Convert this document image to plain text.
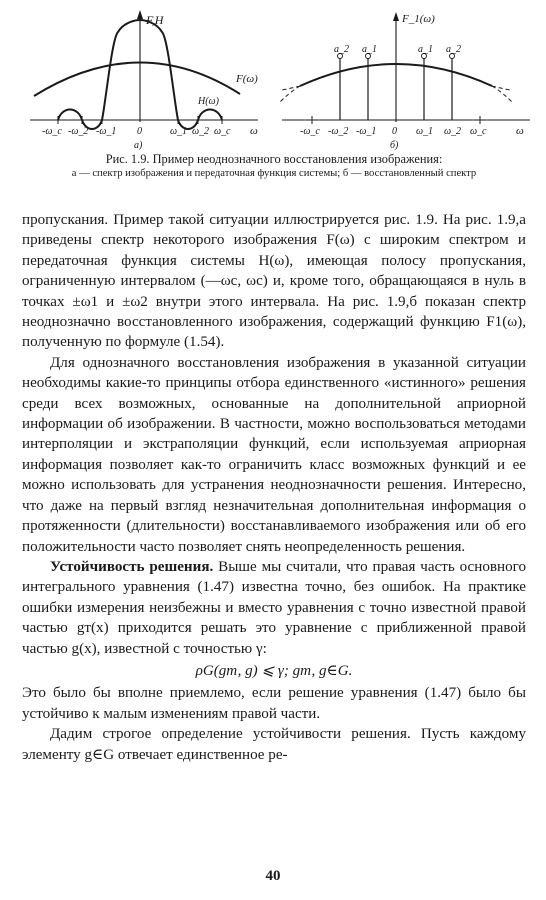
F,H
F(ω)
H(ω)
-ω_c -ω_2 -ω_1 0	ω_1 ω_2 ω_c ω
a)
F_1(ω)
a_2 a_1	a_1 a_2
-ω_c -ω_2 -ω_1 0 ω_1 ω_2 ω_c	ω
б)
Рис. 1.9. Пример неоднозначного восстановления изображения:
а — спектр изображения и передаточная функция системы; б — восстановленный спектр

пропускания. Пример такой ситуации иллюстрируется рис. 1.9. На рис. 1.9,а приведены спектр некоторого изображения F(ω) с широким спектром и передаточная функция системы H(ω), имеющая полосу пропускания, ограниченную интервалом (—ωc, ωc) и, кроме того, обращающаяся в нуль в точках ±ω1 и ±ω2 внутри этого интервала. На рис. 1.9,б показан спектр неоднозначно восстановленного изображения, содержащий функцию F1(ω), полученную по формуле (1.54).

Для однозначного восстановления изображения в указанной ситуации необходимы какие-то принципы отбора единственного «истинного» решения среди всех возможных, основанные на дополнительной априорной информации об изображении. В частности, можно воспользоваться методами интерполяции и экстраполяции функций, если используемая априорная информация позволяет как-то ограничить класс возможных функций и ее можно использовать для устранения неоднозначности решения. Интересно, что даже на первый взгляд незначительная дополнительная информация о протяженности (длительности) восстанавливаемого изображения или об его положительности часто позволяет снять неопределенность решения.

Устойчивость решения. Выше мы считали, что правая часть основного интегрального уравнения (1.47) известна точно, без ошибок. На практике ошибки измерения неизбежны и вместо уравнения с точно известной правой частью gт(x) приходится решать это уравнение с приближенной правой частью g(x), известной с точностью γ:

ρG(gт, g) ⩽ γ; gт, g∈G.

Это было бы вполне приемлемо, если решение уравнения (1.47) было бы устойчиво к малым изменениям правой части.

Дадим строгое определение устойчивости решения. Пусть каждому элементу g∈G отвечает единственное ре-

40
